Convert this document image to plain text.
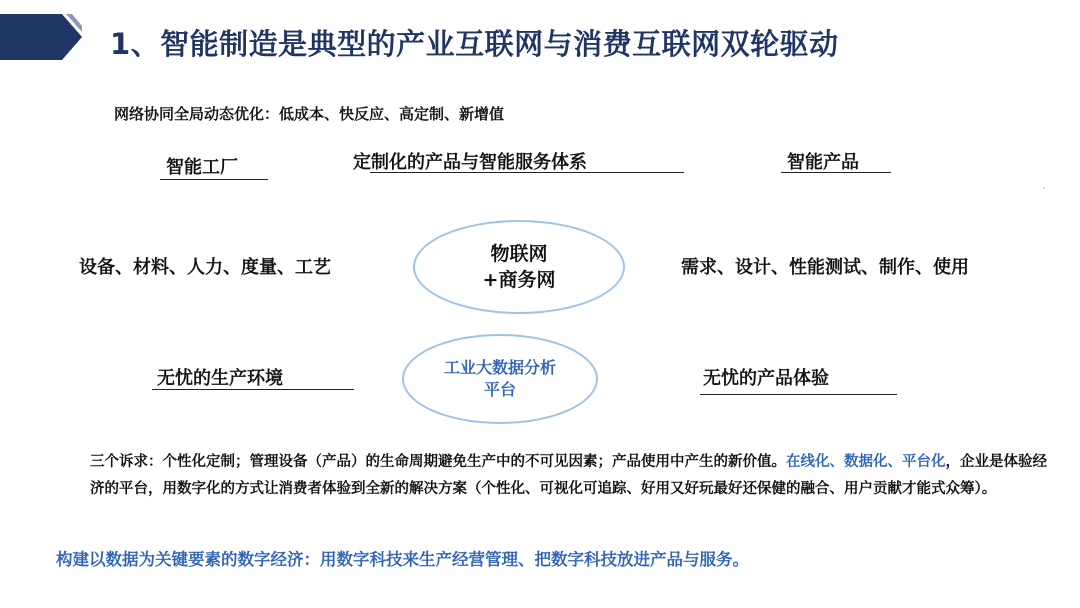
1、智能制造是典型的产业互联网与消费互联网双轮驱动
网络协同全局动态优化：低成本、快反应、高定制、新增值
智能工厂	定制化的产品与智能服务体系	智能产品
设备、材料、人力、度量、工艺
物联网
+商务网
需求、设计、性能测试、制作、使用
无忧的生产环境
工业大数据分析
平台
无忧的产品体验
三个诉求：个性化定制；管理设备（产品）的生命周期避免生产中的不可见因素；产品使用中产生的新价值。在线化、数据化、平台化，企业是体验经济的平台，用数字化的方式让消费者体验到全新的解决方案（个性化、可视化可追踪、好用又好玩最好还保健的融合、用户贡献才能式众筹）。
构建以数据为关键要素的数字经济：用数字科技来生产经营管理、把数字科技放进产品与服务。
